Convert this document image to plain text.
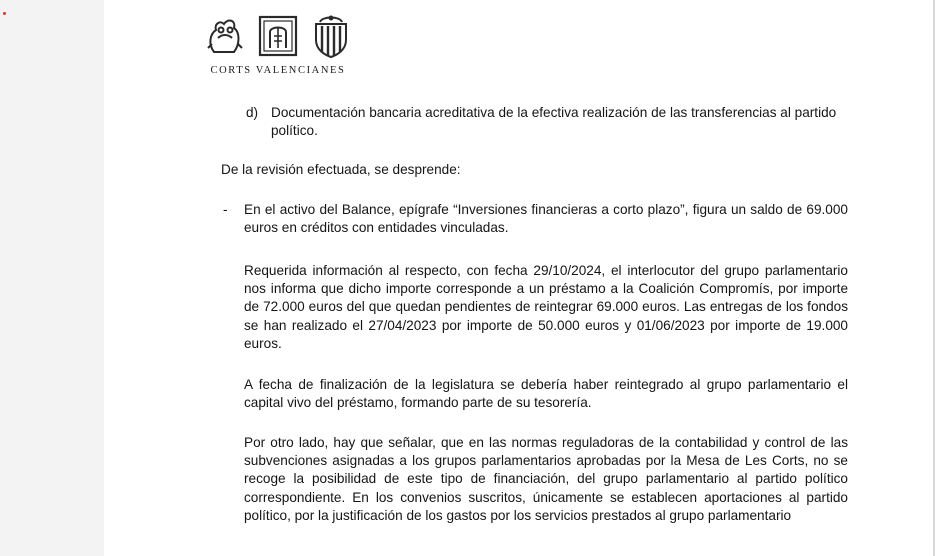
CORTS VALENCIANES
d) Documentación bancaria acreditativa de la efectiva realización de las transferencias al partido político.

De la revisión efectuada, se desprende:

- En el activo del Balance, epígrafe “Inversiones financieras a corto plazo”, figura un saldo de 69.000 euros en créditos con entidades vinculadas.

Requerida información al respecto, con fecha 29/10/2024, el interlocutor del grupo parlamentario nos informa que dicho importe corresponde a un préstamo a la Coalición Compromís, por importe de 72.000 euros del que quedan pendientes de reintegrar 69.000 euros. Las entregas de los fondos se han realizado el 27/04/2023 por importe de 50.000 euros y 01/06/2023 por importe de 19.000 euros.

A fecha de finalización de la legislatura se debería haber reintegrado al grupo parlamentario el capital vivo del préstamo, formando parte de su tesorería.

Por otro lado, hay que señalar, que en las normas reguladoras de la contabilidad y control de las subvenciones asignadas a los grupos parlamentarios aprobadas por la Mesa de Les Corts, no se recoge la posibilidad de este tipo de financiación, del grupo parlamentario al partido político correspondiente. En los convenios suscritos, únicamente se establecen aportaciones al partido político, por la justificación de los gastos por los servicios prestados al grupo parlamentario
